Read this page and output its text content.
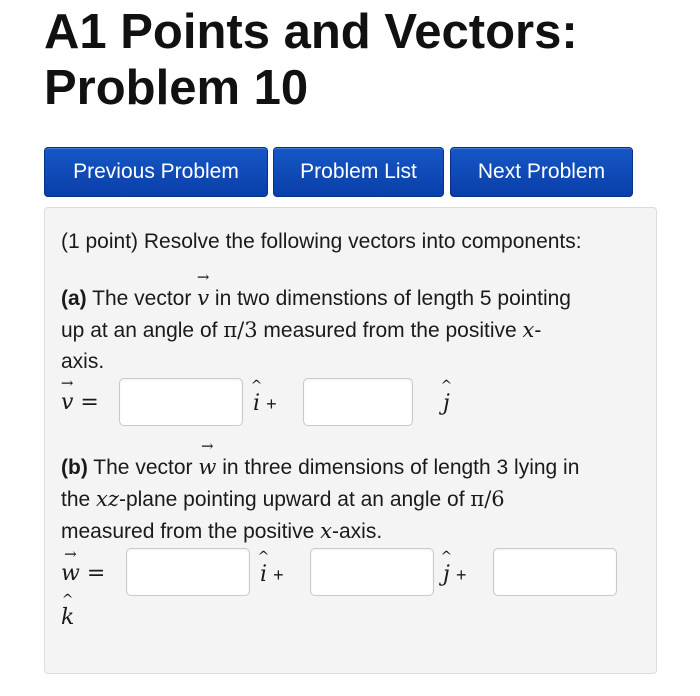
A1 Points and Vectors:
Problem 10
Previous Problem	Problem List	Next Problem
(1 point) Resolve the following vectors into components:
(a) The vector v
→
in two dimenstions of length 5 pointing
up at an angle of π/3 measured from the positive x-
axis.
v
→
=	i
^
+	j
^
(b) The vector w
→
in three dimensions of length 3 lying in
the xz-plane pointing upward at an angle of π/6
measured from the positive x-axis.
w
→
=	i
^
+	j
^
+
k
^
